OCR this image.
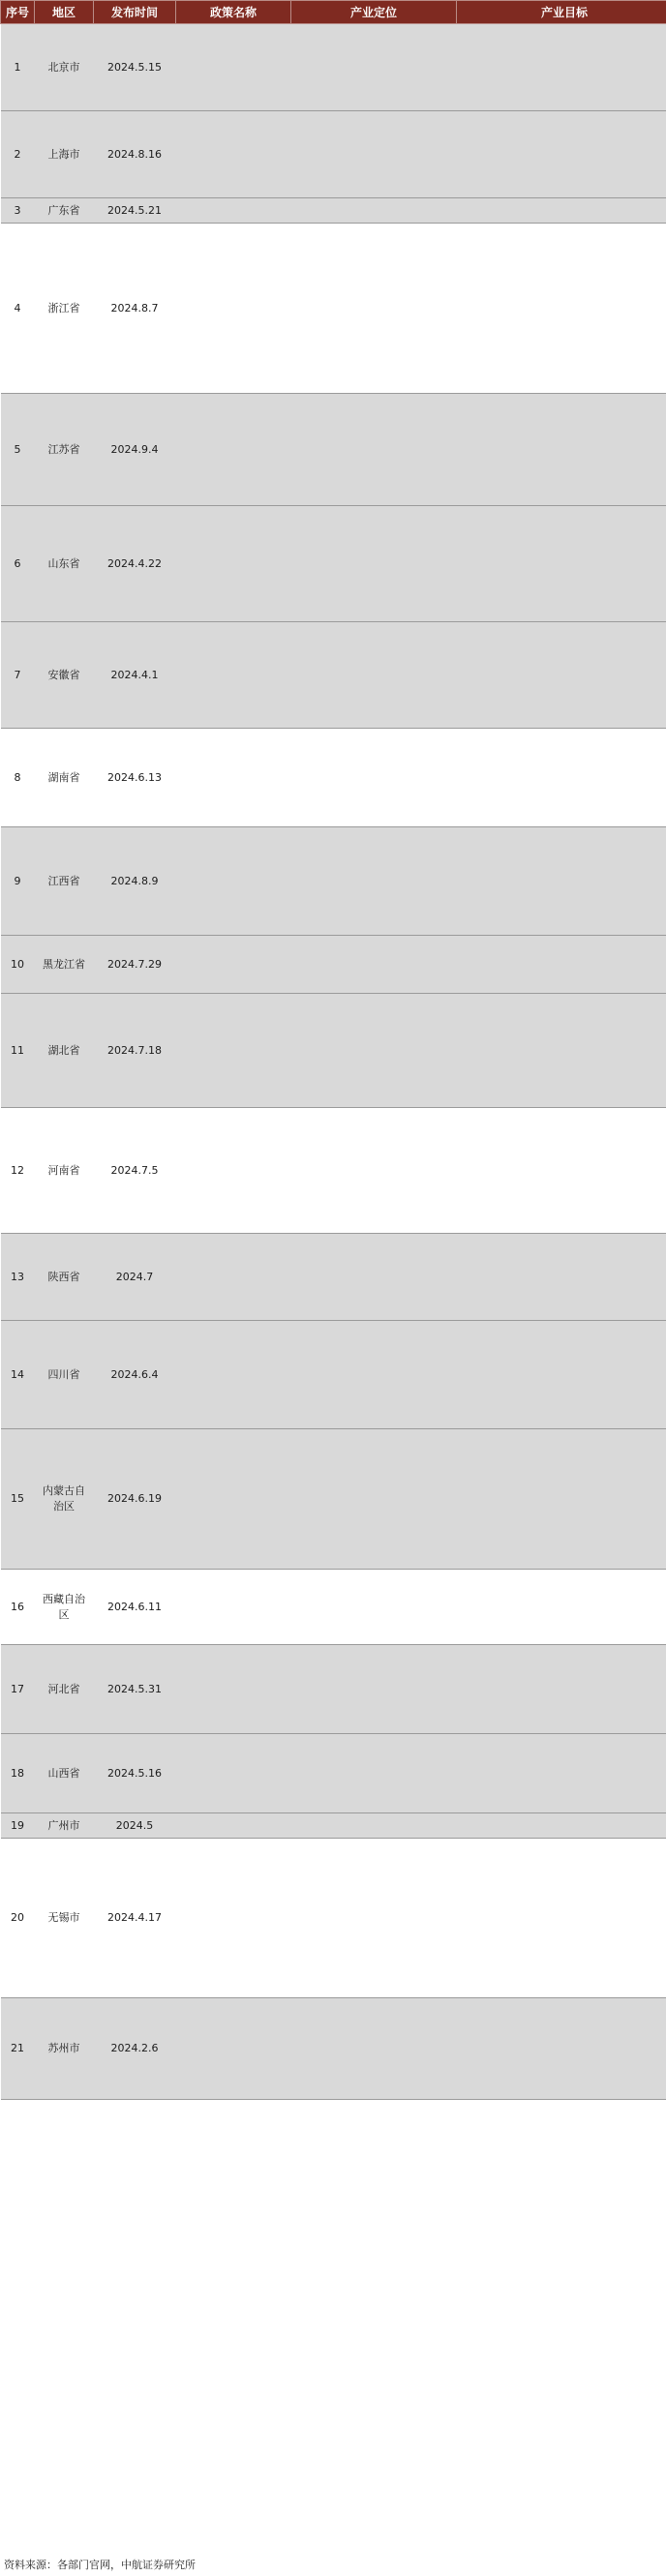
序号	地区	发布时间	政策名称	产业定位	产业目标
1	北京市	2024.5.15			
2	上海市	2024.8.16			
3	广东省	2024.5.21			
4	浙江省	2024.8.7			
5	江苏省	2024.9.4			
6	山东省	2024.4.22			
7	安徽省	2024.4.1			
8	湖南省	2024.6.13			
9	江西省	2024.8.9			
10	黑龙江省	2024.7.29			
11	湖北省	2024.7.18			
12	河南省	2024.7.5			
13	陕西省	2024.7			
14	四川省	2024.6.4			
15	内蒙古自治区	2024.6.19			
16	西藏自治区	2024.6.11			
17	河北省	2024.5.31			
18	山西省	2024.5.16			
19	广州市	2024.5			
20	无锡市	2024.4.17			
21	苏州市	2024.2.6			
资料来源：各部门官网，中航证券研究所
